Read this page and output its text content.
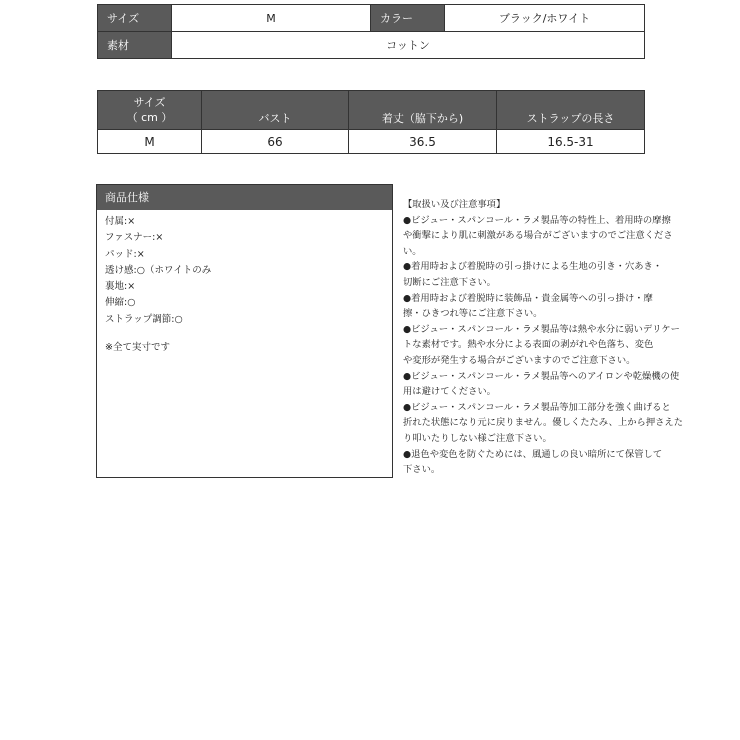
サイズ	M	カラー	ブラック/ホワイト
素材	コットン		
サイズ
（ cm ）	バスト	着丈（脇下から)	ストラップの長さ
M	66	36.5	16.5-31
商品仕様
付属:×
ファスナー:×
パッド:×
透け感:○（ホワイトのみ
裏地:×
伸縮:○
ストラップ調節:○
※全て実寸です
【取扱い及び注意事項】
●ビジュー・スパンコール・ラメ製品等の特性上、着用時の摩擦
や衝撃により肌に刺激がある場合がございますのでご注意くださ
い。
●着用時および着脱時の引っ掛けによる生地の引き・穴あき・
切断にご注意下さい。
●着用時および着脱時に装飾品・貴金属等への引っ掛け・摩
擦・ひきつれ等にご注意下さい。
●ビジュー・スパンコール・ラメ製品等は熱や水分に弱いデリケー
トな素材です。熱や水分による表面の剥がれや色落ち、変色
や変形が発生する場合がございますのでご注意下さい。
●ビジュー・スパンコール・ラメ製品等へのアイロンや乾燥機の使
用は避けてください。
●ビジュー・スパンコール・ラメ製品等加工部分を強く曲げると
折れた状態になり元に戻りません。優しくたたみ、上から押さえた
り叩いたりしない様ご注意下さい。
●退色や変色を防ぐためには、風通しの良い暗所にて保管して
下さい。
